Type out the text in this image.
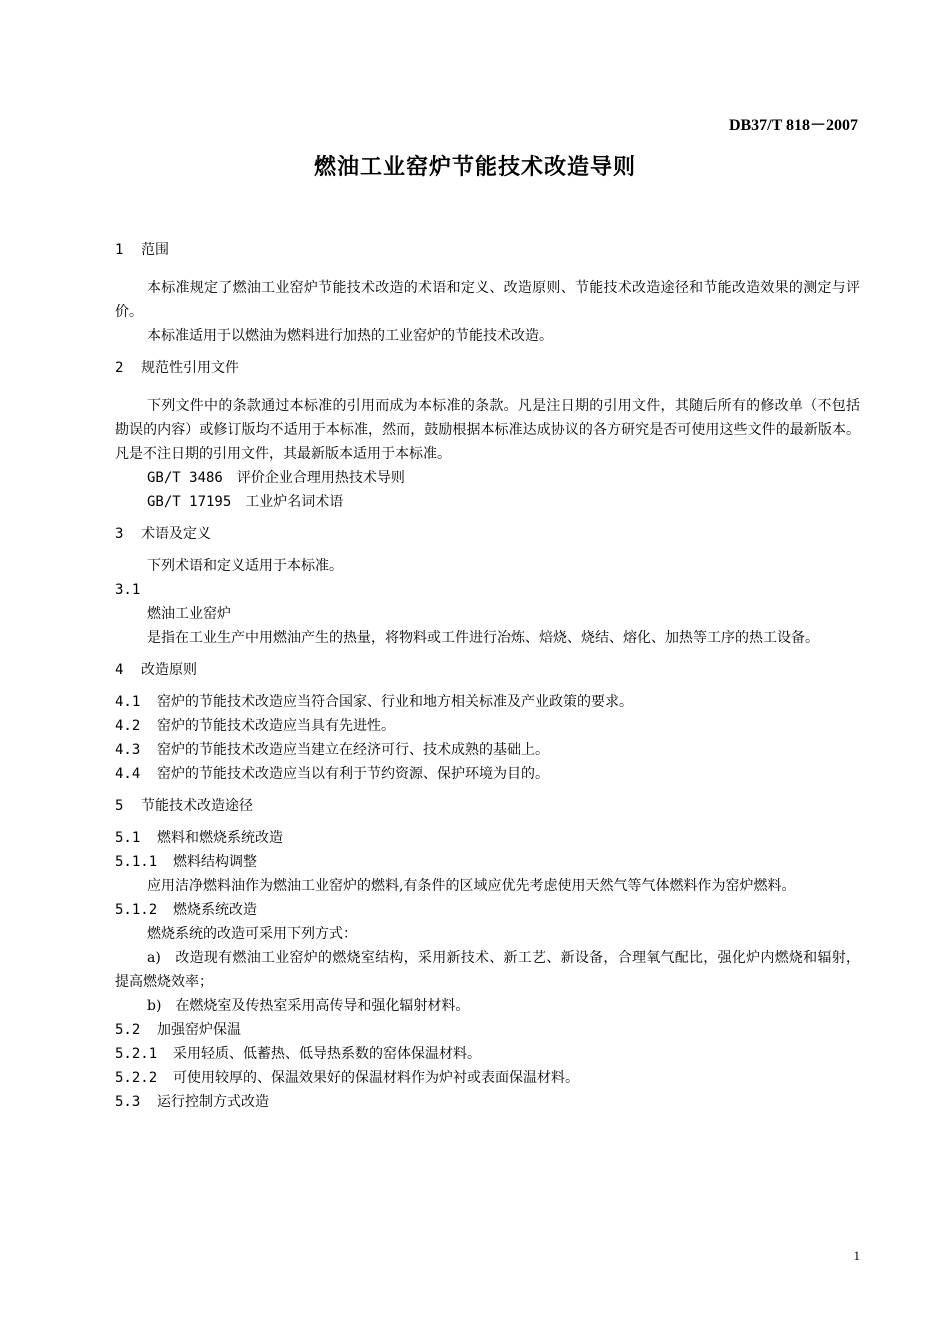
DB37/T 818－2007
燃油工业窑炉节能技术改造导则
1 范围
本标准规定了燃油工业窑炉节能技术改造的术语和定义、改造原则、节能技术改造途径和节能改造效果的测定与评价。
本标准适用于以燃油为燃料进行加热的工业窑炉的节能技术改造。
2 规范性引用文件
下列文件中的条款通过本标准的引用而成为本标准的条款。凡是注日期的引用文件，其随后所有的修改单（不包括勘误的内容）或修订版均不适用于本标准，然而，鼓励根据本标准达成协议的各方研究是否可使用这些文件的最新版本。凡是不注日期的引用文件，其最新版本适用于本标准。
GB/T 3486　 评价企业合理用热技术导则
GB/T 17195　 工业炉名词术语
3 术语及定义
下列术语和定义适用于本标准。
3.1
燃油工业窑炉
是指在工业生产中用燃油产生的热量，将物料或工件进行冶炼、焙烧、烧结、熔化、加热等工序的热工设备。
4 改造原则
4.1 窑炉的节能技术改造应当符合国家、行业和地方相关标准及产业政策的要求。
4.2 窑炉的节能技术改造应当具有先进性。
4.3 窑炉的节能技术改造应当建立在经济可行、技术成熟的基础上。
4.4 窑炉的节能技术改造应当以有利于节约资源、保护环境为目的。
5 节能技术改造途径
5.1 燃料和燃烧系统改造
5.1.1 燃料结构调整
应用洁净燃料油作为燃油工业窑炉的燃料,有条件的区域应优先考虑使用天然气等气体燃料作为窑炉燃料。
5.1.2 燃烧系统改造
燃烧系统的改造可采用下列方式：
a)　改造现有燃油工业窑炉的燃烧室结构，采用新技术、新工艺、新设备，合理氧气配比，强化炉内燃烧和辐射，提高燃烧效率；
b)　在燃烧室及传热室采用高传导和强化辐射材料。
5.2 加强窑炉保温
5.2.1 采用轻质、低蓄热、低导热系数的窑体保温材料。
5.2.2 可使用较厚的、保温效果好的保温材料作为炉衬或表面保温材料。
5.3 运行控制方式改造
1
